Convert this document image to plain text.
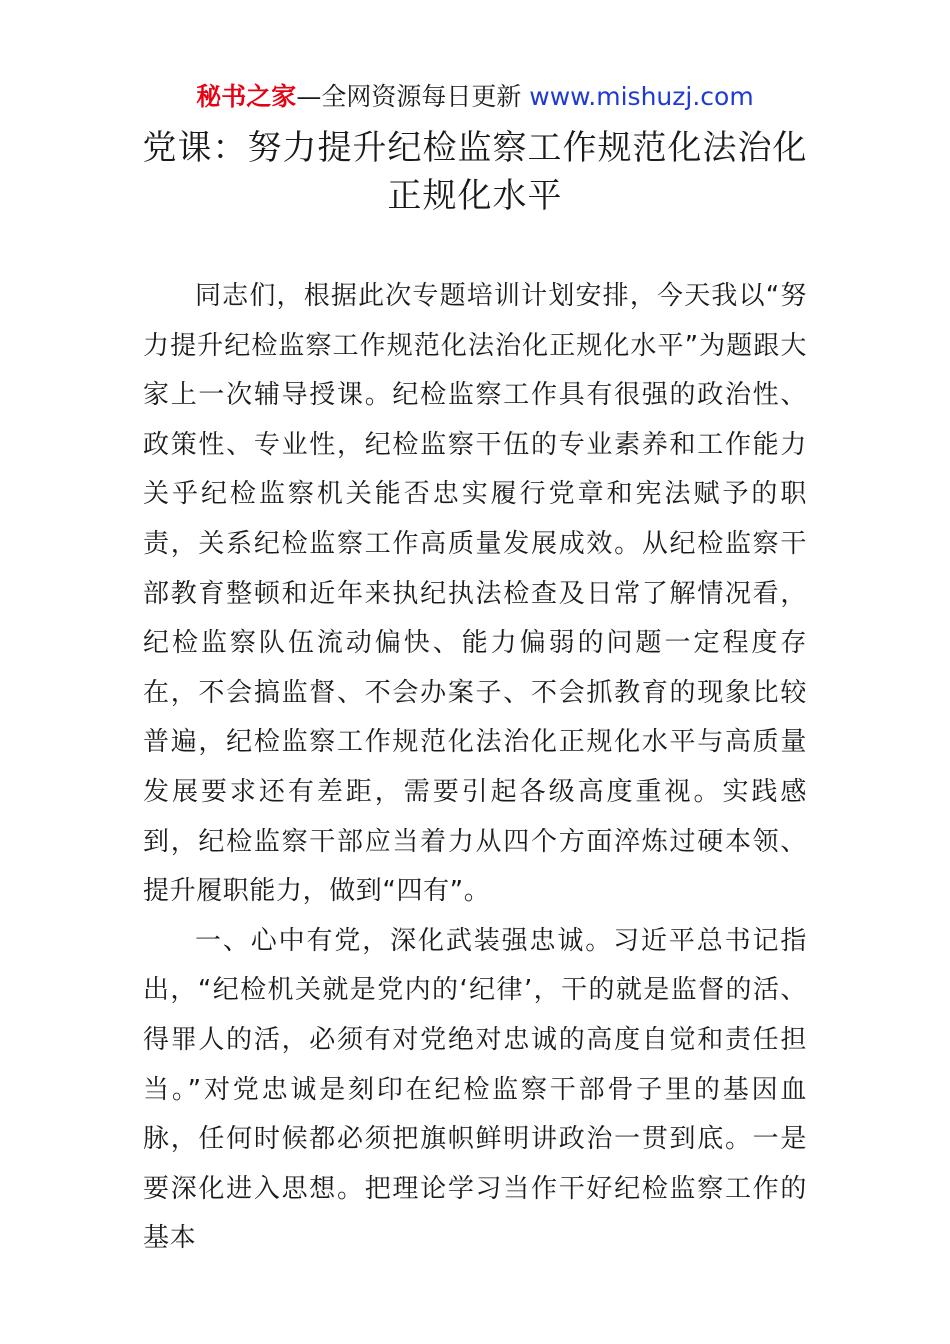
秘书之家—全网资源每日更新 www.mishuzj.com
党课：努力提升纪检监察工作规范化法治化正规化水平

同志们，根据此次专题培训计划安排，今天我以“努力提升纪检监察工作规范化法治化正规化水平”为题跟大家上一次辅导授课。纪检监察工作具有很强的政治性、政策性、专业性，纪检监察干伍的专业素养和工作能力关乎纪检监察机关能否忠实履行党章和宪法赋予的职责，关系纪检监察工作高质量发展成效。从纪检监察干部教育整顿和近年来执纪执法检查及日常了解情况看，纪检监察队伍流动偏快、能力偏弱的问题一定程度存在，不会搞监督、不会办案子、不会抓教育的现象比较普遍，纪检监察工作规范化法治化正规化水平与高质量发展要求还有差距，需要引起各级高度重视。实践感到，纪检监察干部应当着力从四个方面淬炼过硬本领、提升履职能力，做到“四有”。

一、心中有党，深化武装强忠诚。习近平总书记指出，“纪检机关就是党内的‘纪律’，干的就是监督的活、得罪人的活，必须有对党绝对忠诚的高度自觉和责任担当。”对党忠诚是刻印在纪检监察干部骨子里的基因血脉，任何时候都必须把旗帜鲜明讲政治一贯到底。一是要深化进入思想。把理论学习当作干好纪检监察工作的基本
